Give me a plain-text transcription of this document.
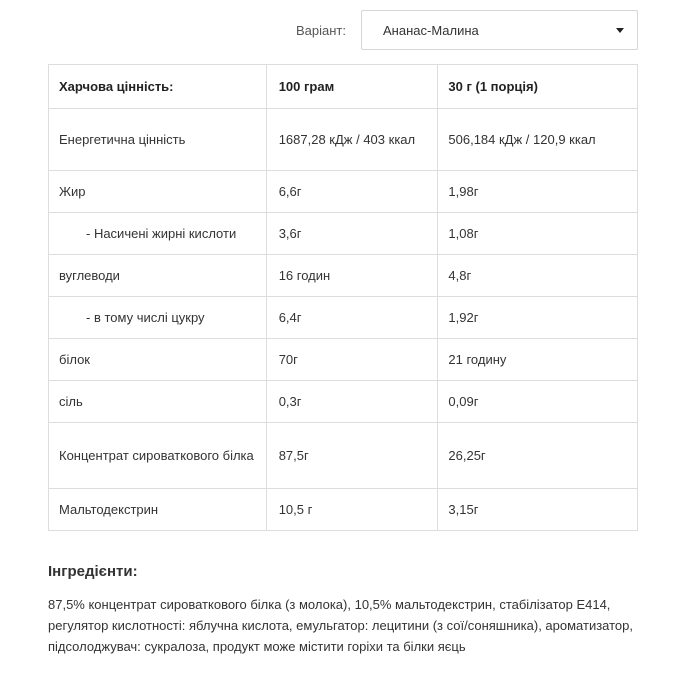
Варіант:	Ананас-Малина
Харчова цінність:	100 грам	30 г (1 порція)
Енергетична цінність	1687,28 кДж / 403 ккал	506,184 кДж / 120,9 ккал
Жир	6,6г	1,98г
- Насичені жирні кислоти	3,6г	1,08г
вуглеводи	16 годин	4,8г
- в тому числі цукру	6,4г	1,92г
білок	70г	21 годину
сіль	0,3г	0,09г
Концентрат сироваткового білка	87,5г	26,25г
Мальтодекстрин	10,5 г	3,15г
Інгредієнти:

87,5% концентрат сироваткового білка (з молока), 10,5% мальтодекстрин, стабілізатор Е414, регулятор кислотності: яблучна кислота, емульгатор: лецитини (з сої/соняшника), ароматизатор, підсолоджувач: сукралоза, продукт може містити горіхи та білки яєць
